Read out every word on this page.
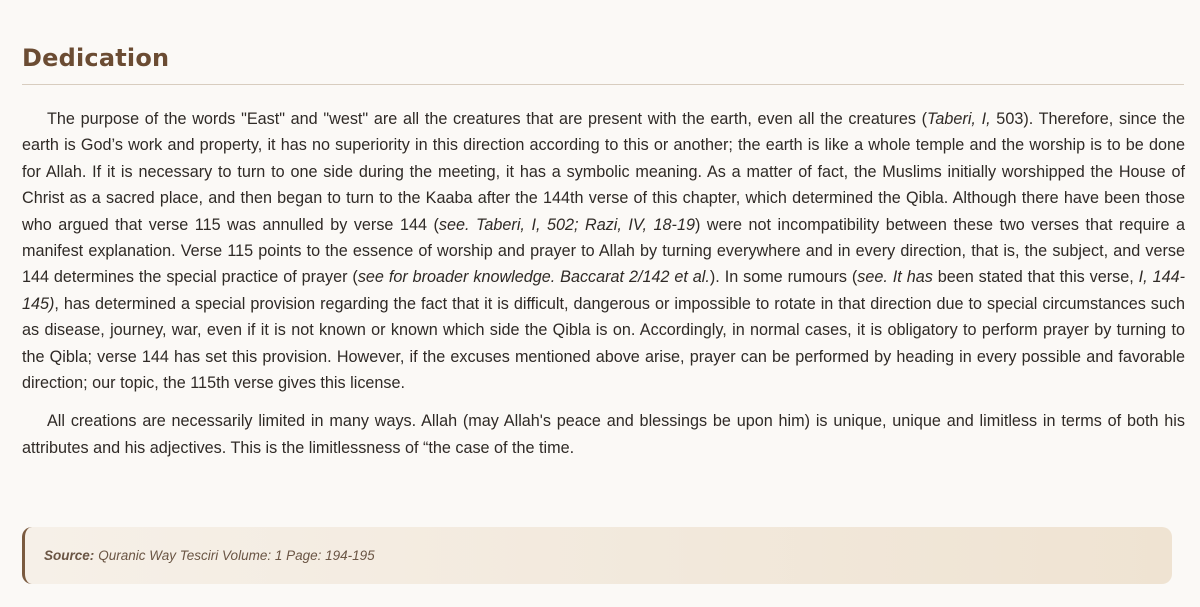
Dedication

The purpose of the words "East" and "west" are all the creatures that are present with the earth, even all the creatures (Taberi, I, 503). Therefore, since the earth is God’s work and property, it has no superiority in this direction according to this or another; the earth is like a whole temple and the worship is to be done for Allah. If it is necessary to turn to one side during the meeting, it has a symbolic meaning. As a matter of fact, the Muslims initially worshipped the House of Christ as a sacred place, and then began to turn to the Kaaba after the 144th verse of this chapter, which determined the Qibla. Although there have been those who argued that verse 115 was annulled by verse 144 (see. Taberi, I, 502; Razi, IV, 18-19) were not incompatibility between these two verses that require a manifest explanation. Verse 115 points to the essence of worship and prayer to Allah by turning everywhere and in every direction, that is, the subject, and verse 144 determines the special practice of prayer (see for broader knowledge. Baccarat 2/142 et al.). In some rumours (see. It has been stated that this verse, I, 144-145), has determined a special provision regarding the fact that it is difficult, dangerous or impossible to rotate in that direction due to special circumstances such as disease, journey, war, even if it is not known or known which side the Qibla is on. Accordingly, in normal cases, it is obligatory to perform prayer by turning to the Qibla; verse 144 has set this provision. However, if the excuses mentioned above arise, prayer can be performed by heading in every possible and favorable direction; our topic, the 115th verse gives this license.

All creations are necessarily limited in many ways. Allah (may Allah's peace and blessings be upon him) is unique, unique and limitless in terms of both his attributes and his adjectives. This is the limitlessness of “the case of the time.

Source: Quranic Way Tesciri Volume: 1 Page: 194-195
